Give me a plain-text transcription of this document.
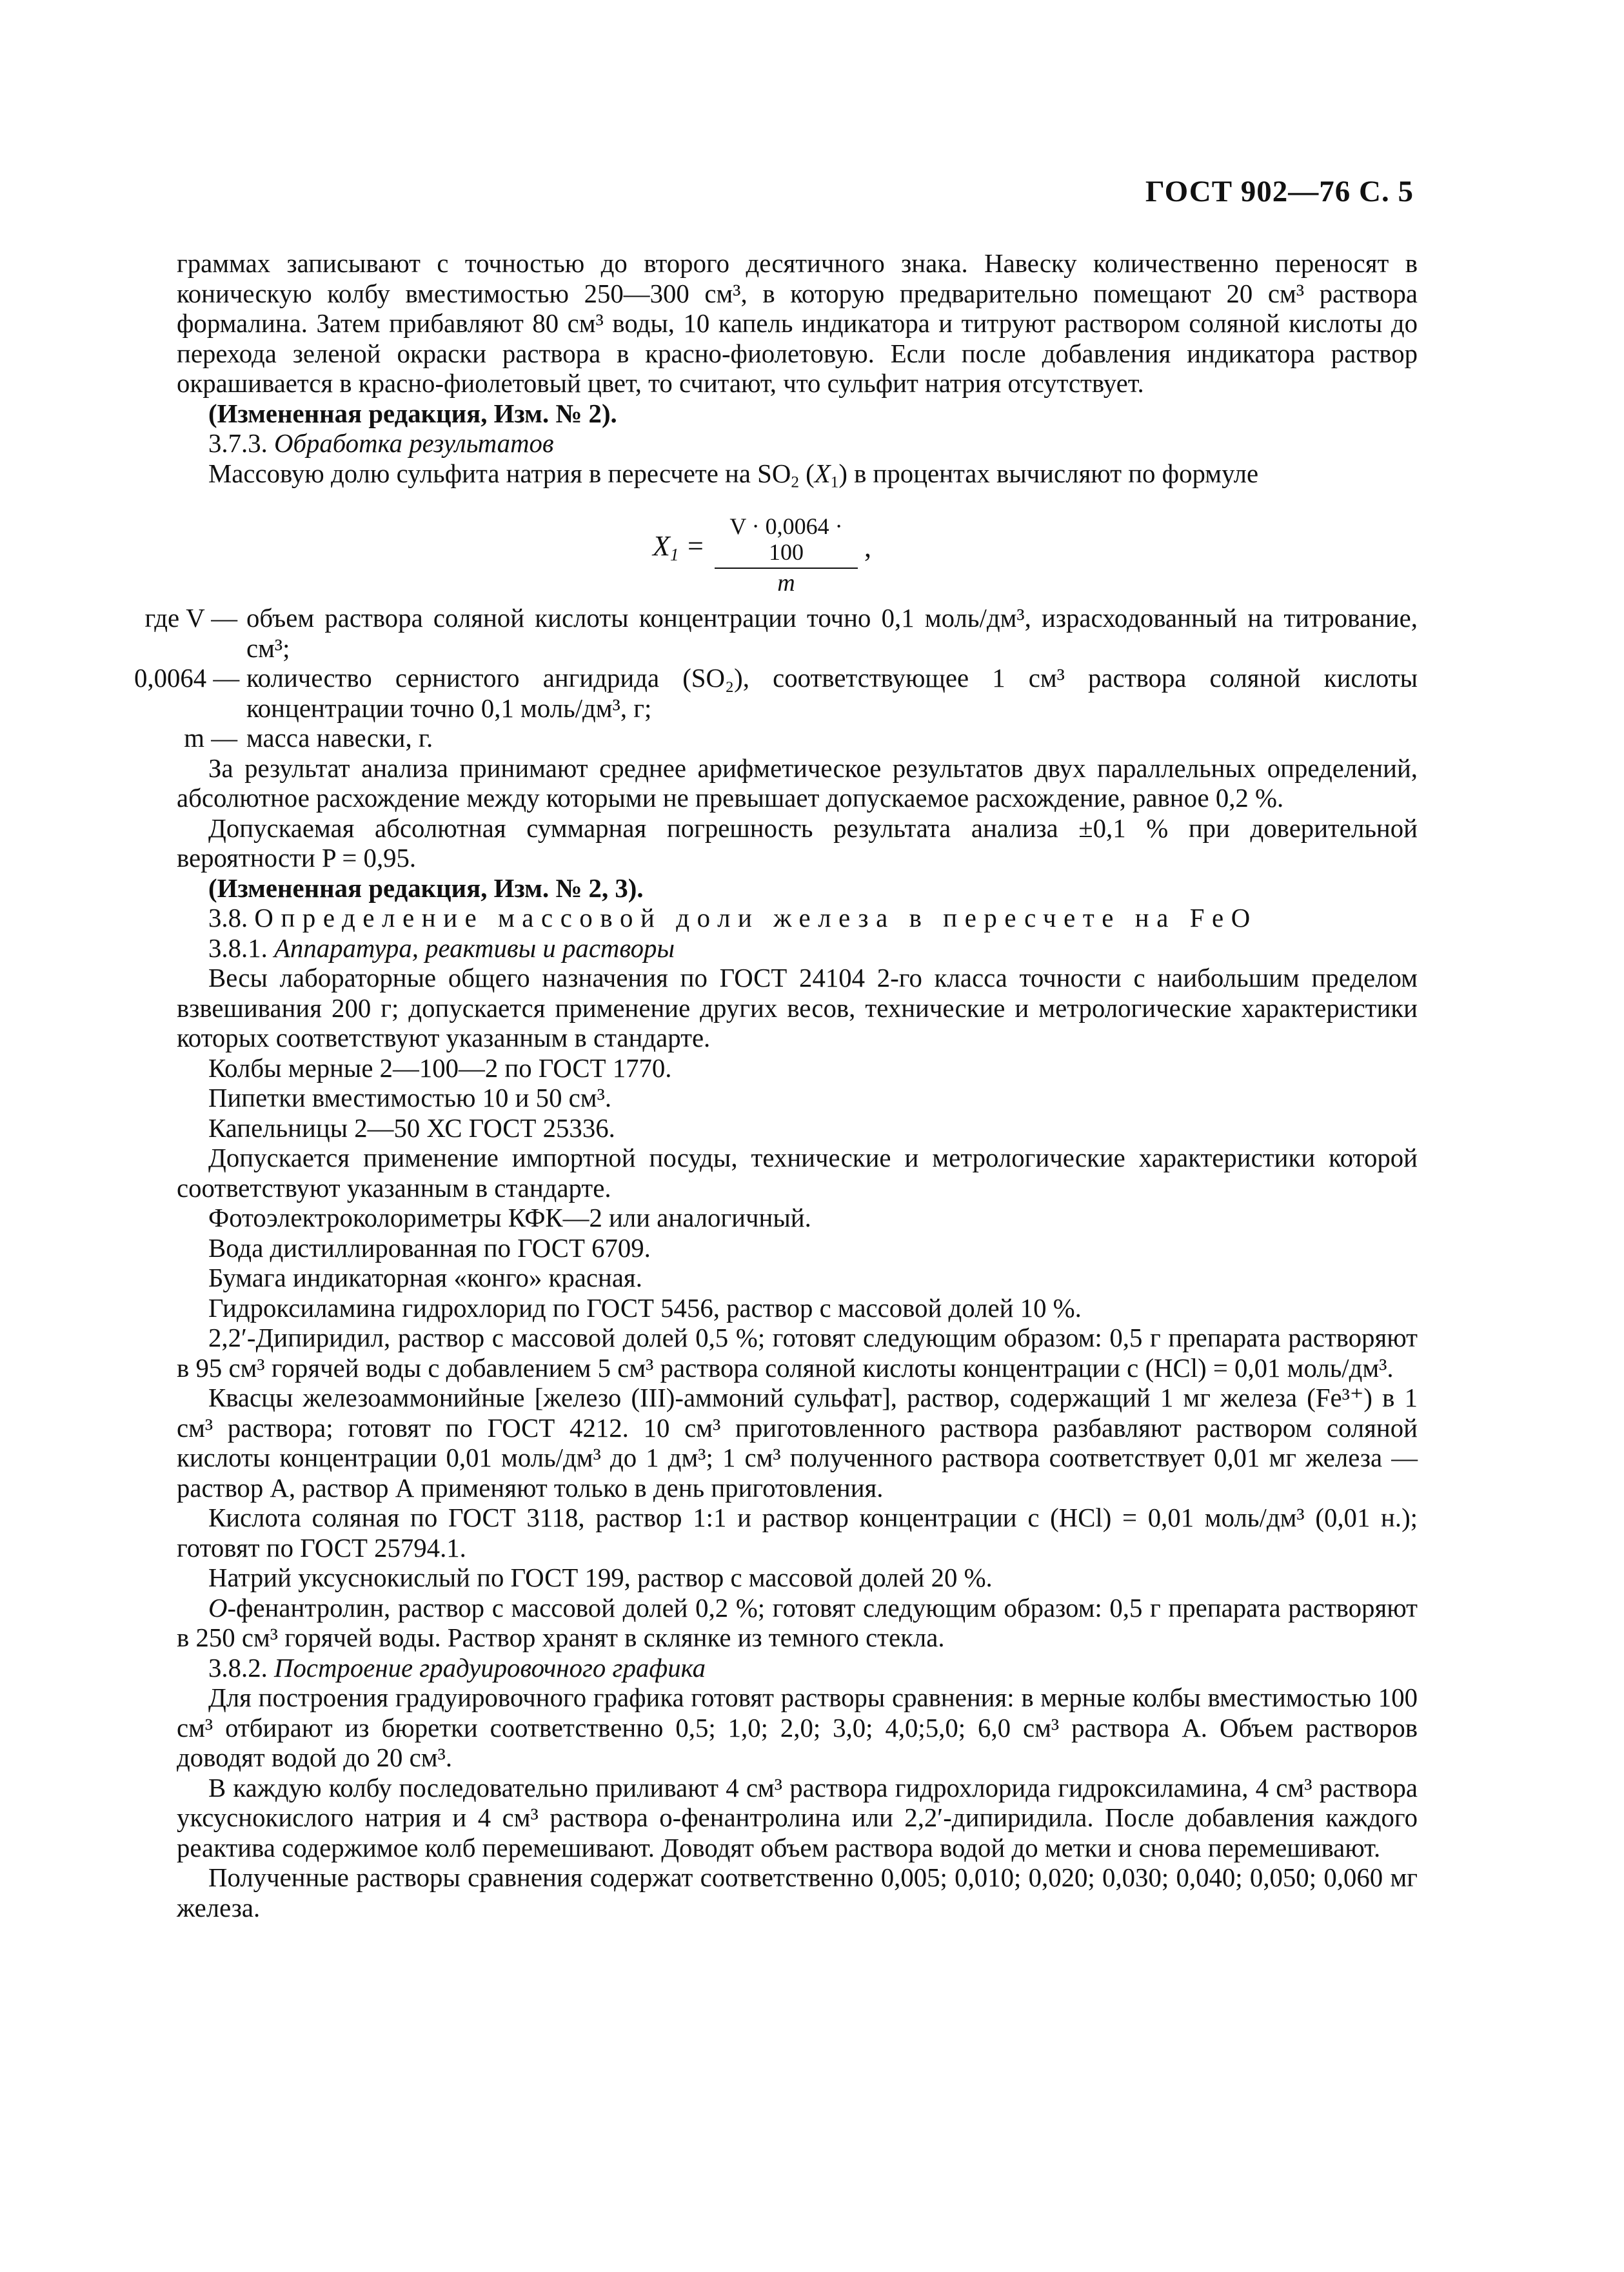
ГОСТ 902—76 С. 5

граммах записывают с точностью до второго десятичного знака. Навеску количественно переносят в коническую колбу вместимостью 250—300 см³, в которую предварительно помещают 20 см³ раствора формалина. Затем прибавляют 80 см³ воды, 10 капель индикатора и титруют раствором соляной кислоты до перехода зеленой окраски раствора в красно-фиолетовую. Если после добавления индикатора раствор окрашивается в красно-фиолетовый цвет, то считают, что сульфит натрия отсутствует.

(Измененная редакция, Изм. № 2).

3.7.3. Обработка результатов

Массовую долю сульфита натрия в пересчете на $SO_2$ $(X_1)$ в процентах вычисляют по формуле

$X_1 = \frac{V \cdot 0,0064 \cdot 100}{m}$ ,
где V — объем раствора соляной кислоты концентрации точно 0,1 моль/дм³, израсходованный на титрование, см³;
0,0064 — количество сернистого ангидрида (SO₂), соответствующее 1 см³ раствора соляной кислоты концентрации точно 0,1 моль/дм³, г;
m — масса навески, г.

За результат анализа принимают среднее арифметическое результатов двух параллельных определений, абсолютное расхождение между которыми не превышает допускаемое расхождение, равное 0,2 %.

Допускаемая абсолютная суммарная погрешность результата анализа ±0,1 % при доверительной вероятности P = 0,95.

(Измененная редакция, Изм. № 2, 3).

3.8. Определение массовой доли железа в пересчете на FeO

3.8.1. Аппаратура, реактивы и растворы

Весы лабораторные общего назначения по ГОСТ 24104 2-го класса точности с наибольшим пределом взвешивания 200 г; допускается применение других весов, технические и метрологические характеристики которых соответствуют указанным в стандарте.

Колбы мерные 2—100—2 по ГОСТ 1770.

Пипетки вместимостью 10 и 50 см³.

Капельницы 2—50 ХС ГОСТ 25336.

Допускается применение импортной посуды, технические и метрологические характеристики которой соответствуют указанным в стандарте.

Фотоэлектроколориметры КФК—2 или аналогичный.

Вода дистиллированная по ГОСТ 6709.

Бумага индикаторная «конго» красная.

Гидроксиламина гидрохлорид по ГОСТ 5456, раствор с массовой долей 10 %.

2,2′-Дипиридил, раствор с массовой долей 0,5 %; готовят следующим образом: 0,5 г препарата растворяют в 95 см³ горячей воды с добавлением 5 см³ раствора соляной кислоты концентрации c (HCl) = 0,01 моль/дм³.

Квасцы железоаммонийные [железо (III)-аммоний сульфат], раствор, содержащий 1 мг железа (Fe³⁺) в 1 см³ раствора; готовят по ГОСТ 4212. 10 см³ приготовленного раствора разбавляют раствором соляной кислоты концентрации 0,01 моль/дм³ до 1 дм³; 1 см³ полученного раствора соответствует 0,01 мг железа — раствор А, раствор А применяют только в день приготовления.

Кислота соляная по ГОСТ 3118, раствор 1:1 и раствор концентрации c (HCl) = 0,01 моль/дм³ (0,01 н.); готовят по ГОСТ 25794.1.

Натрий уксуснокислый по ГОСТ 199, раствор с массовой долей 20 %.

О-фенантролин, раствор с массовой долей 0,2 %; готовят следующим образом: 0,5 г препарата растворяют в 250 см³ горячей воды. Раствор хранят в склянке из темного стекла.

3.8.2. Построение градуировочного графика

Для построения градуировочного графика готовят растворы сравнения: в мерные колбы вместимостью 100 см³ отбирают из бюретки соответственно 0,5; 1,0; 2,0; 3,0; 4,0;5,0; 6,0 см³ раствора А. Объем растворов доводят водой до 20 см³.

В каждую колбу последовательно приливают 4 см³ раствора гидрохлорида гидроксиламина, 4 см³ раствора уксуснокислого натрия и 4 см³ раствора о-фенантролина или 2,2′-дипиридила. После добавления каждого реактива содержимое колб перемешивают. Доводят объем раствора водой до метки и снова перемешивают.

Полученные растворы сравнения содержат соответственно 0,005; 0,010; 0,020; 0,030; 0,040; 0,050; 0,060 мг железа.
